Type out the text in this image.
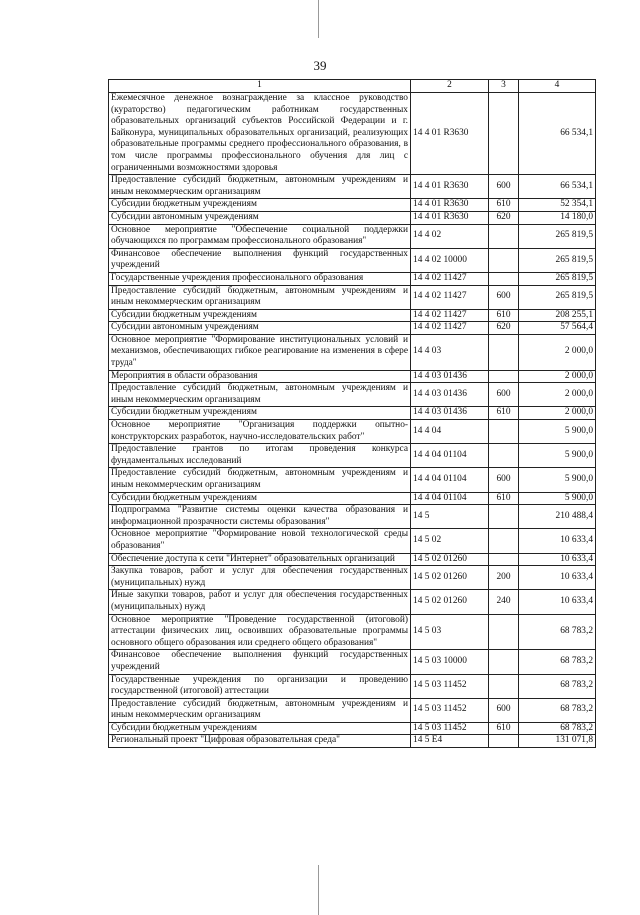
39
1	2	3	4
Ежемесячное денежное вознаграждение за классное руководство (кураторство) педагогическим работникам государственных образовательных организаций субъектов Российской Федерации и г. Байконура, муниципальных образовательных организаций, реализующих образовательные программы среднего профессионального образования, в том числе программы профессионального обучения для лиц с ограниченными возможностями здоровья	14 4 01 R3630		66 534,1
Предоставление субсидий бюджетным, автономным учреждениям и иным некоммерческим организациям	14 4 01 R3630	600	66 534,1
Субсидии бюджетным учреждениям	14 4 01 R3630	610	52 354,1
Субсидии автономным учреждениям	14 4 01 R3630	620	14 180,0
Основное мероприятие "Обеспечение социальной поддержки обучающихся по программам профессионального образования"	14 4 02		265 819,5
Финансовое обеспечение выполнения функций государственных учреждений	14 4 02 10000		265 819,5
Государственные учреждения профессионального образования	14 4 02 11427		265 819,5
Предоставление субсидий бюджетным, автономным учреждениям и иным некоммерческим организациям	14 4 02 11427	600	265 819,5
Субсидии бюджетным учреждениям	14 4 02 11427	610	208 255,1
Субсидии автономным учреждениям	14 4 02 11427	620	57 564,4
Основное мероприятие "Формирование институциональных условий и механизмов, обеспечивающих гибкое реагирование на изменения в сфере труда"	14 4 03		2 000,0
Мероприятия в области образования	14 4 03 01436		2 000,0
Предоставление субсидий бюджетным, автономным учреждениям и иным некоммерческим организациям	14 4 03 01436	600	2 000,0
Субсидии бюджетным учреждениям	14 4 03 01436	610	2 000,0
Основное мероприятие "Организация поддержки опытно-конструкторских разработок, научно-исследовательских работ"	14 4 04		5 900,0
Предоставление грантов по итогам проведения конкурса фундаментальных исследований	14 4 04 01104		5 900,0
Предоставление субсидий бюджетным, автономным учреждениям и иным некоммерческим организациям	14 4 04 01104	600	5 900,0
Субсидии бюджетным учреждениям	14 4 04 01104	610	5 900,0
Подпрограмма "Развитие системы оценки качества образования и информационной прозрачности системы образования"	14 5		210 488,4
Основное мероприятие "Формирование новой технологической среды образования"	14 5 02		10 633,4
Обеспечение доступа к сети "Интернет" образовательных организаций	14 5 02 01260		10 633,4
Закупка товаров, работ и услуг для обеспечения государственных (муниципальных) нужд	14 5 02 01260	200	10 633,4
Иные закупки товаров, работ и услуг для обеспечения государственных (муниципальных) нужд	14 5 02 01260	240	10 633,4
Основное мероприятие "Проведение государственной (итоговой) аттестации физических лиц, освоивших образовательные программы основного общего образования или среднего общего образования"	14 5 03		68 783,2
Финансовое обеспечение выполнения функций государственных учреждений	14 5 03 10000		68 783,2
Государственные учреждения по организации и проведению государственной (итоговой) аттестации	14 5 03 11452		68 783,2
Предоставление субсидий бюджетным, автономным учреждениям и иным некоммерческим организациям	14 5 03 11452	600	68 783,2
Субсидии бюджетным учреждениям	14 5 03 11452	610	68 783,2
Региональный проект "Цифровая образовательная среда"	14 5 E4		131 071,8
